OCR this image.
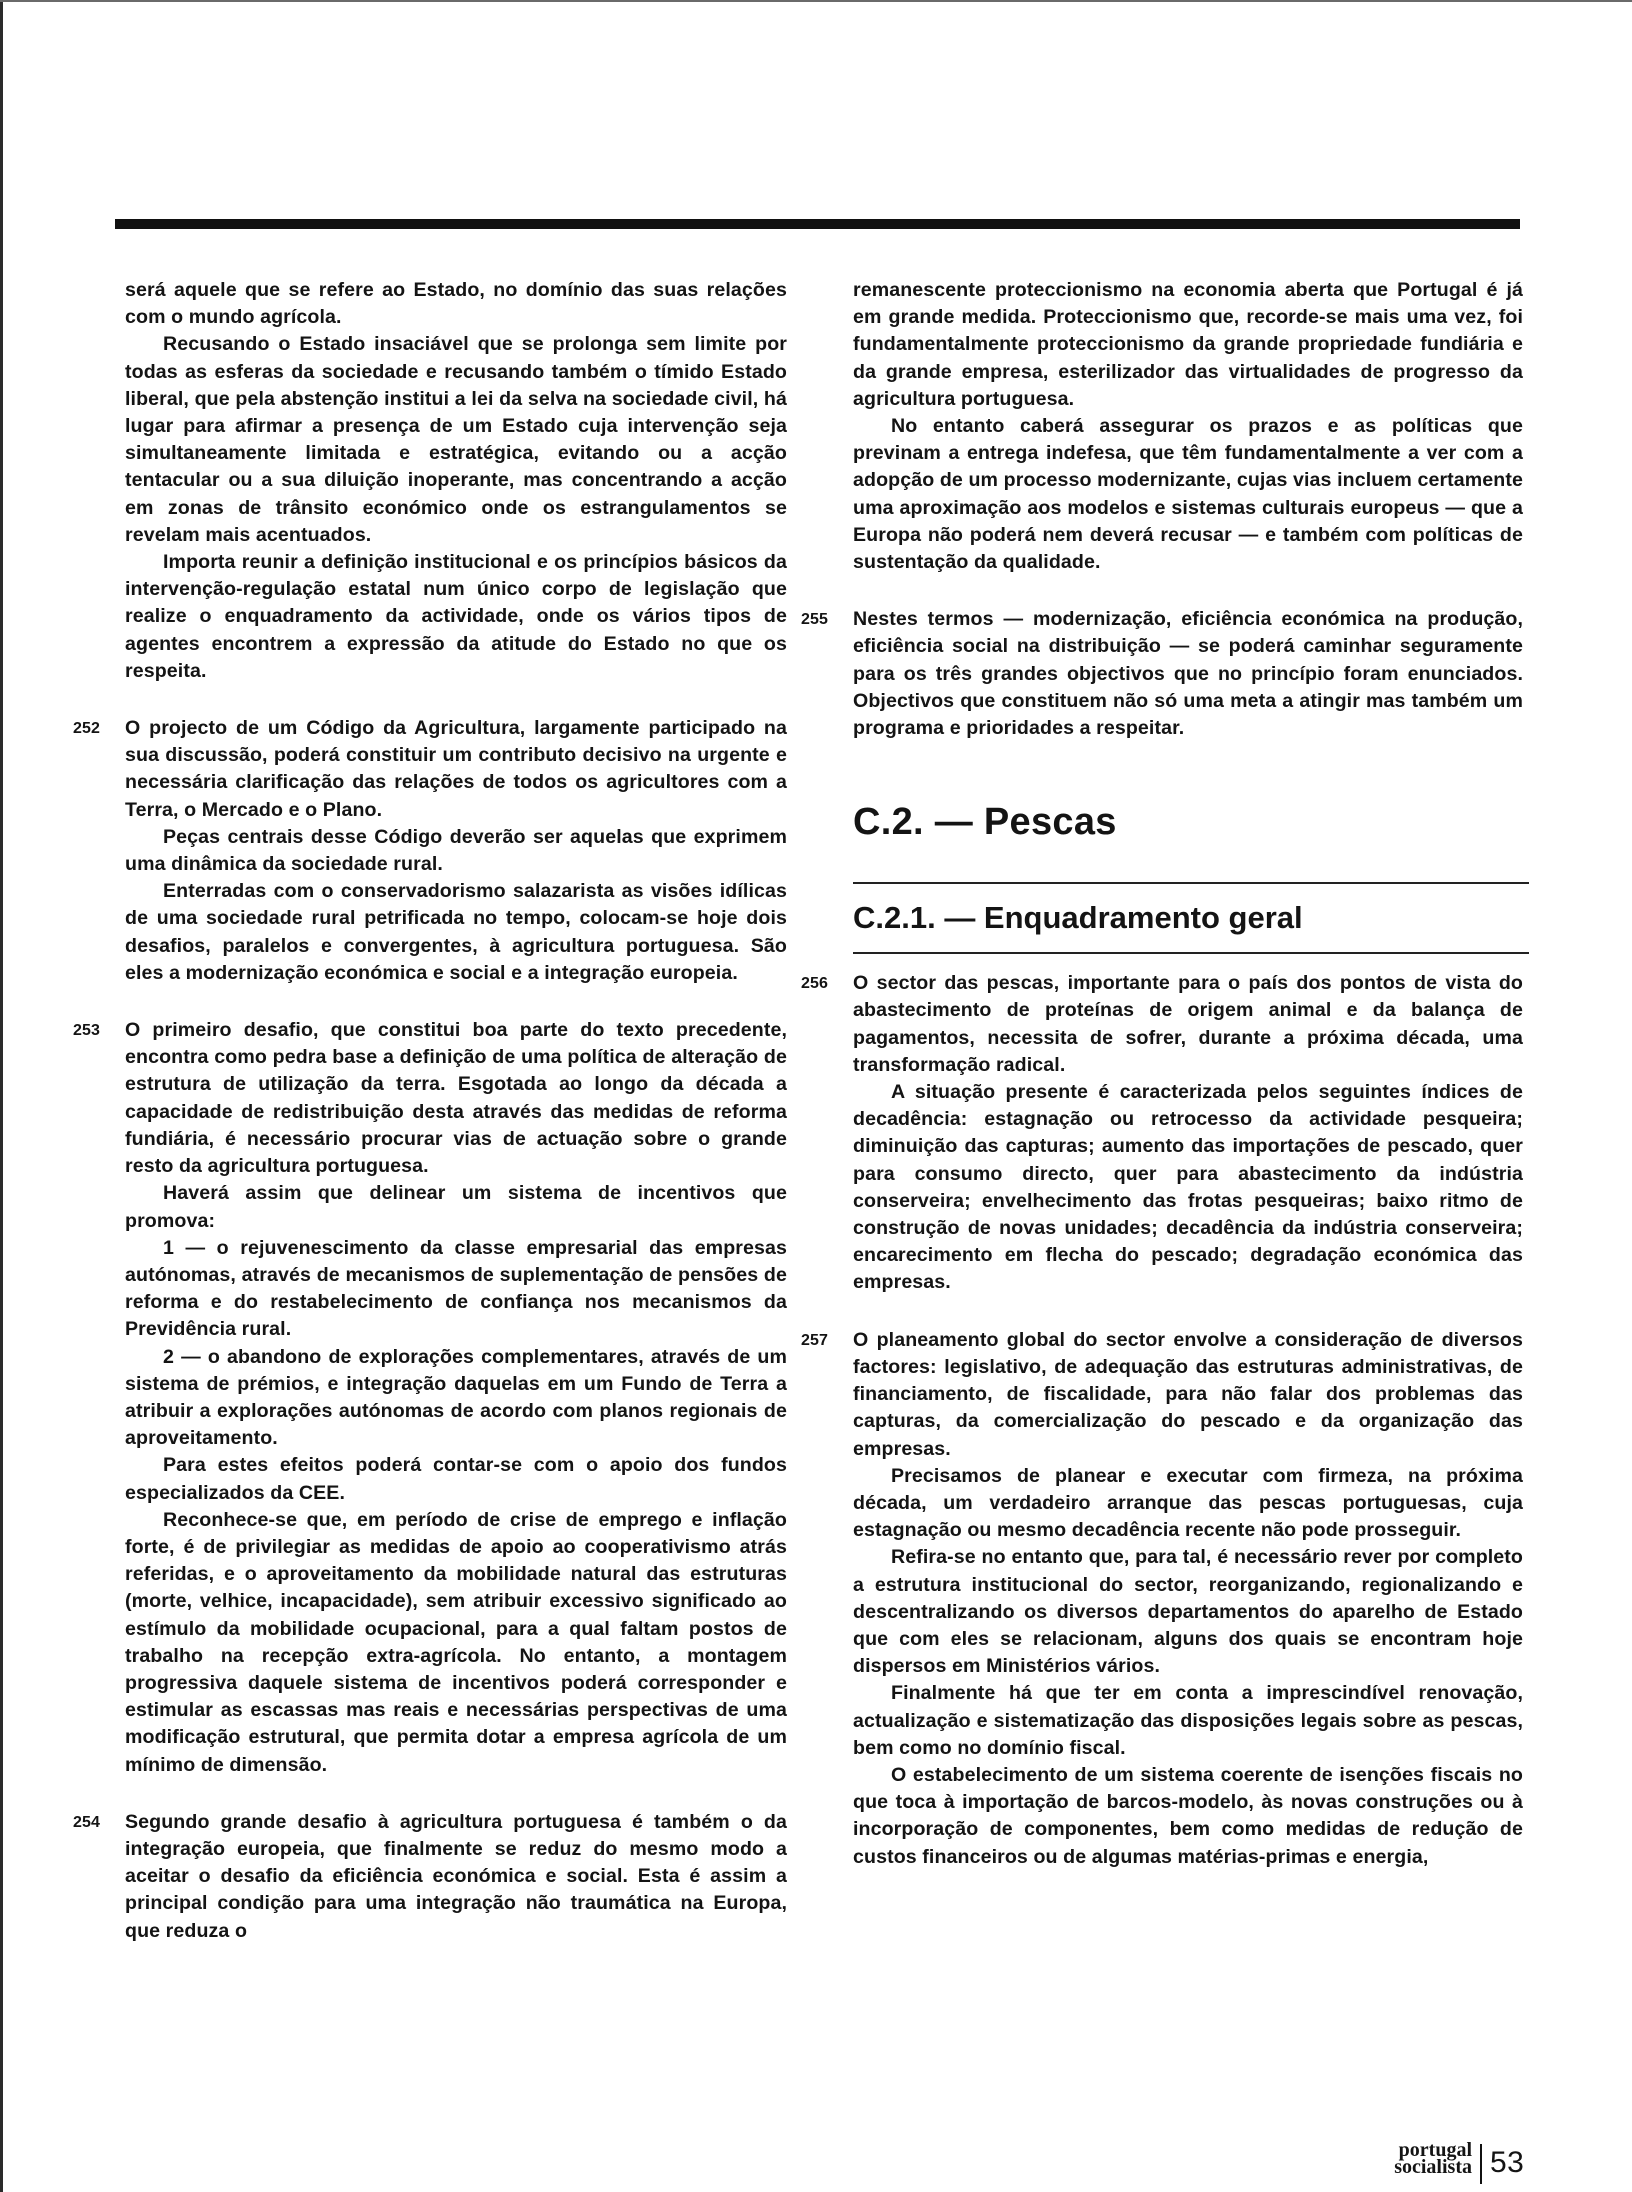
será aquele que se refere ao Estado, no domínio das suas relações com o mundo agrícola.

Recusando o Estado insaciável que se prolonga sem limite por todas as esferas da sociedade e recusando também o tímido Estado liberal, que pela abstenção institui a lei da selva na sociedade civil, há lugar para afirmar a presença de um Estado cuja intervenção seja simultaneamente limitada e estratégica, evitando ou a acção tentacular ou a sua diluição inoperante, mas concentrando a acção em zonas de trânsito económico onde os estrangulamentos se revelam mais acentuados.

Importa reunir a definição institucional e os princípios básicos da intervenção-regulação estatal num único corpo de legislação que realize o enquadramento da actividade, onde os vários tipos de agentes encontrem a expressão da atitude do Estado no que os respeita.

252 O projecto de um Código da Agricultura, largamente participado na sua discussão, poderá constituir um contributo decisivo na urgente e necessária clarificação das relações de todos os agricultores com a Terra, o Mercado e o Plano.

Peças centrais desse Código deverão ser aquelas que exprimem uma dinâmica da sociedade rural.

Enterradas com o conservadorismo salazarista as visões idílicas de uma sociedade rural petrificada no tempo, colocam-se hoje dois desafios, paralelos e convergentes, à agricultura portuguesa. São eles a modernização económica e social e a integração europeia.

253 O primeiro desafio, que constitui boa parte do texto precedente, encontra como pedra base a definição de uma política de alteração de estrutura de utilização da terra. Esgotada ao longo da década a capacidade de redistribuição desta através das medidas de reforma fundiária, é necessário procurar vias de actuação sobre o grande resto da agricultura portuguesa.

Haverá assim que delinear um sistema de incentivos que promova:

1 — o rejuvenescimento da classe empresarial das empresas autónomas, através de mecanismos de suplementação de pensões de reforma e do restabelecimento de confiança nos mecanismos da Previdência rural.

2 — o abandono de explorações complementares, através de um sistema de prémios, e integração daquelas em um Fundo de Terra a atribuir a explorações autónomas de acordo com planos regionais de aproveitamento.

Para estes efeitos poderá contar-se com o apoio dos fundos especializados da CEE.

Reconhece-se que, em período de crise de emprego e inflação forte, é de privilegiar as medidas de apoio ao cooperativismo atrás referidas, e o aproveitamento da mobilidade natural das estruturas (morte, velhice, incapacidade), sem atribuir excessivo significado ao estímulo da mobilidade ocupacional, para a qual faltam postos de trabalho na recepção extra-agrícola. No entanto, a montagem progressiva daquele sistema de incentivos poderá corresponder e estimular as escassas mas reais e necessárias perspectivas de uma modificação estrutural, que permita dotar a empresa agrícola de um mínimo de dimensão.

254 Segundo grande desafio à agricultura portuguesa é também o da integração europeia, que finalmente se reduz do mesmo modo a aceitar o desafio da eficiência económica e social. Esta é assim a principal condição para uma integração não traumática na Europa, que reduza o

remanescente proteccionismo na economia aberta que Portugal é já em grande medida. Proteccionismo que, recorde-se mais uma vez, foi fundamentalmente proteccionismo da grande propriedade fundiária e da grande empresa, esterilizador das virtualidades de progresso da agricultura portuguesa.

No entanto caberá assegurar os prazos e as políticas que previnam a entrega indefesa, que têm fundamentalmente a ver com a adopção de um processo modernizante, cujas vias incluem certamente uma aproximação aos modelos e sistemas culturais europeus — que a Europa não poderá nem deverá recusar — e também com políticas de sustentação da qualidade.

255 Nestes termos — modernização, eficiência económica na produção, eficiência social na distribuição — se poderá caminhar seguramente para os três grandes objectivos que no princípio foram enunciados. Objectivos que constituem não só uma meta a atingir mas também um programa e prioridades a respeitar.

C.2. — Pescas
C.2.1. — Enquadramento geral

256 O sector das pescas, importante para o país dos pontos de vista do abastecimento de proteínas de origem animal e da balança de pagamentos, necessita de sofrer, durante a próxima década, uma transformação radical.

A situação presente é caracterizada pelos seguintes índices de decadência: estagnação ou retrocesso da actividade pesqueira; diminuição das capturas; aumento das importações de pescado, quer para consumo directo, quer para abastecimento da indústria conserveira; envelhecimento das frotas pesqueiras; baixo ritmo de construção de novas unidades; decadência da indústria conserveira; encarecimento em flecha do pescado; degradação económica das empresas.

257 O planeamento global do sector envolve a consideração de diversos factores: legislativo, de adequação das estruturas administrativas, de financiamento, de fiscalidade, para não falar dos problemas das capturas, da comercialização do pescado e da organização das empresas.

Precisamos de planear e executar com firmeza, na próxima década, um verdadeiro arranque das pescas portuguesas, cuja estagnação ou mesmo decadência recente não pode prosseguir.

Refira-se no entanto que, para tal, é necessário rever por completo a estrutura institucional do sector, reorganizando, regionalizando e descentralizando os diversos departamentos do aparelho de Estado que com eles se relacionam, alguns dos quais se encontram hoje dispersos em Ministérios vários.

Finalmente há que ter em conta a imprescindível renovação, actualização e sistematização das disposições legais sobre as pescas, bem como no domínio fiscal.

O estabelecimento de um sistema coerente de isenções fiscais no que toca à importação de barcos-modelo, às novas construções ou à incorporação de componentes, bem como medidas de redução de custos financeiros ou de algumas matérias-primas e energia,

portugal
socialista 53
